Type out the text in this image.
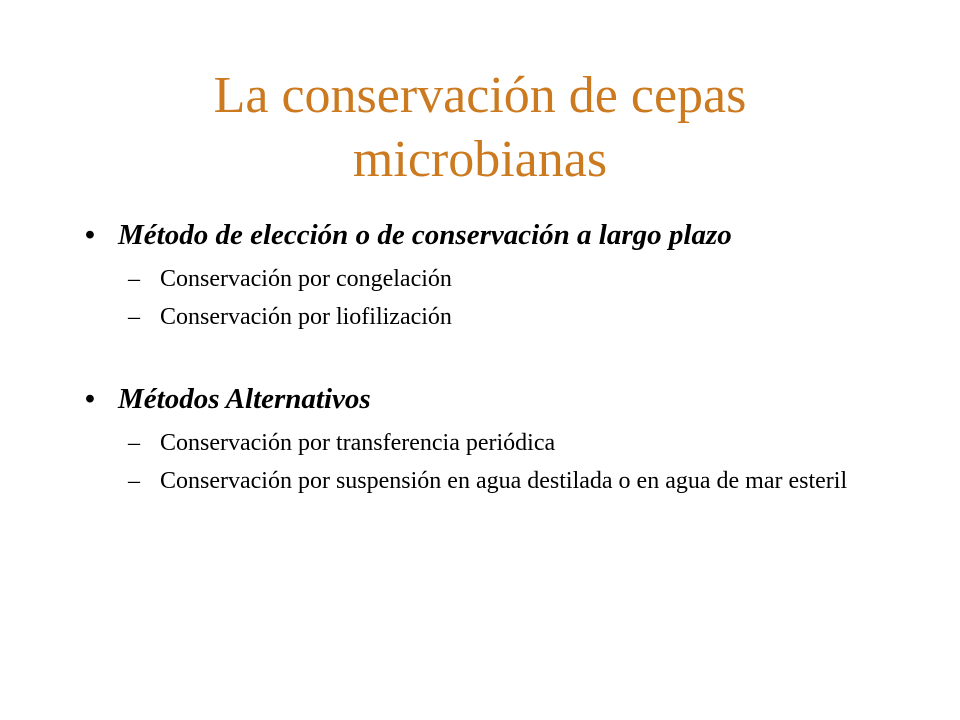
La conservación de cepas
microbianas
• Método de elección o de conservación a largo plazo
– Conservación por congelación
– Conservación por liofilización
• Métodos Alternativos
– Conservación por transferencia periódica
– Conservación por suspensión en agua destilada o en agua de mar esteril
